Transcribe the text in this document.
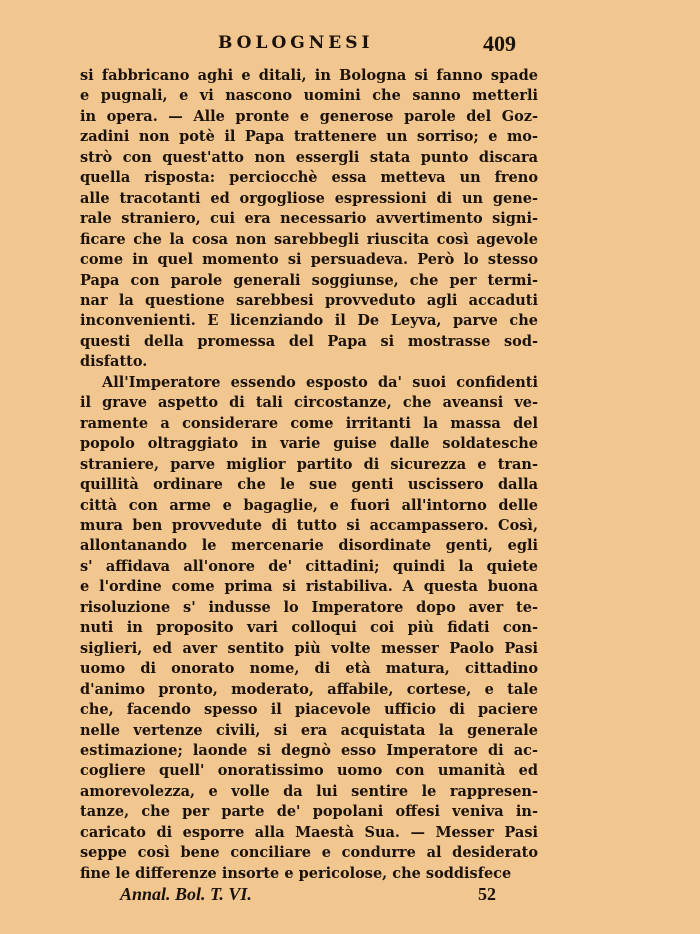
BOLOGNESI	409
si fabbricano aghi e ditali, in Bologna si fanno spade
e pugnali, e vi nascono uomini che sanno metterli
in opera. — Alle pronte e generose parole del Goz-
zadini non potè il Papa trattenere un sorriso; e mo-
strò con quest'atto non essergli stata punto discara
quella risposta: perciocchè essa metteva un freno
alle tracotanti ed orgogliose espressioni di un gene-
rale straniero, cui era necessario avvertimento signi-
ficare che la cosa non sarebbegli riuscita così agevole
come in quel momento si persuadeva. Però lo stesso
Papa con parole generali soggiunse, che per termi-
nar la questione sarebbesi provveduto agli accaduti
inconvenienti. E licenziando il De Leyva, parve che
questi della promessa del Papa si mostrasse sod-
disfatto.
All'Imperatore essendo esposto da' suoi confidenti
il grave aspetto di tali circostanze, che aveansi ve-
ramente a considerare come irritanti la massa del
popolo oltraggiato in varie guise dalle soldatesche
straniere, parve miglior partito di sicurezza e tran-
quillità ordinare che le sue genti uscissero dalla
città con arme e bagaglie, e fuori all'intorno delle
mura ben provvedute di tutto si accampassero. Così,
allontanando le mercenarie disordinate genti, egli
s' affidava all'onore de' cittadini; quindi la quiete
e l'ordine come prima si ristabiliva. A questa buona
risoluzione s' indusse lo Imperatore dopo aver te-
nuti in proposito vari colloqui coi più fidati con-
siglieri, ed aver sentito più volte messer Paolo Pasi
uomo di onorato nome, di età matura, cittadino
d'animo pronto, moderato, affabile, cortese, e tale
che, facendo spesso il piacevole ufficio di paciere
nelle vertenze civili, si era acquistata la generale
estimazione; laonde si degnò esso Imperatore di ac-
cogliere quell' onoratissimo uomo con umanità ed
amorevolezza, e volle da lui sentire le rappresen-
tanze, che per parte de' popolani offesi veniva in-
caricato di esporre alla Maestà Sua. — Messer Pasi
seppe così bene conciliare e condurre al desiderato
fine le differenze insorte e pericolose, che soddisfece
Annal. Bol. T. VI.	52
